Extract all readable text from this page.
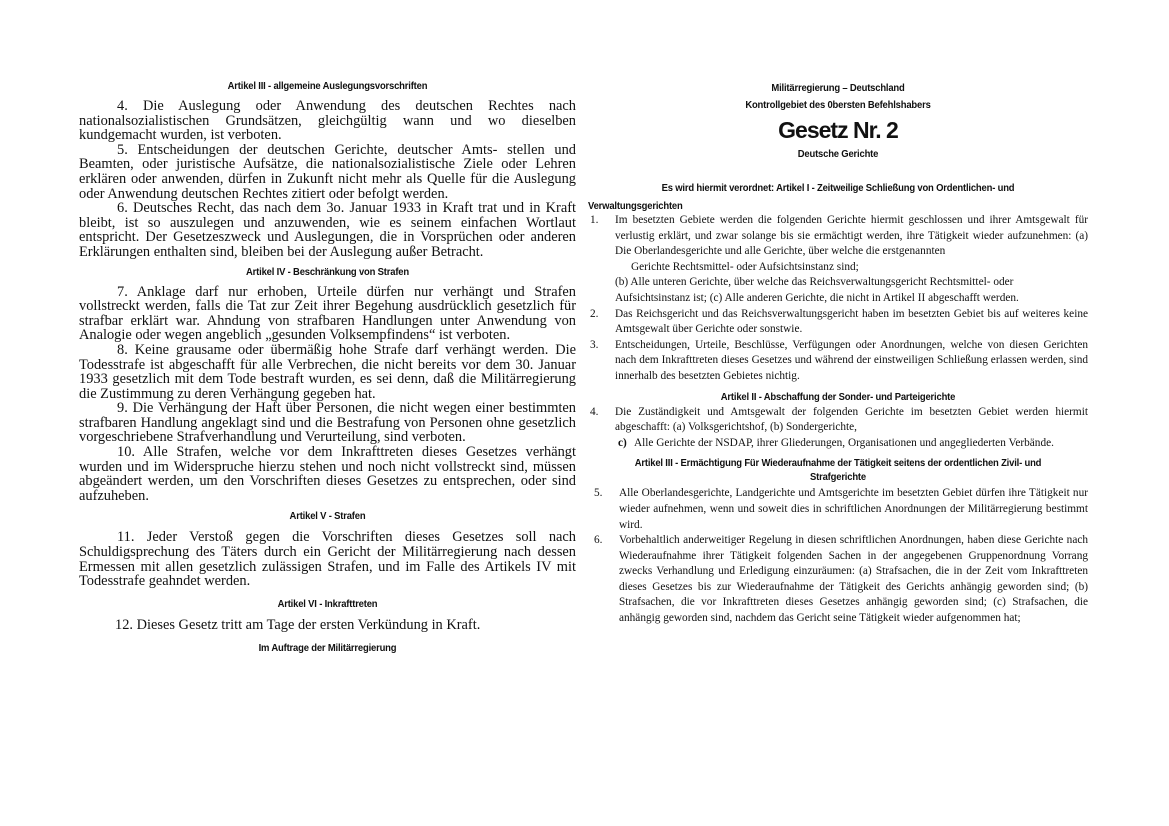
Artikel III - allgemeine Auslegungsvorschriften
4. Die Auslegung oder Anwendung des deutschen Rechtes nach nationalsozialistischen Grundsätzen, gleichgültig wann und wo dieselben kundgemacht wurden, ist verboten.
5. Entscheidungen der deutschen Gerichte, deutscher Amts- stellen und Beamten, oder juristische Aufsätze, die nationalsozialistische Ziele oder Lehren erklären oder anwenden, dürfen in Zukunft nicht mehr als Quelle für die Auslegung oder Anwendung deutschen Rechtes zitiert oder befolgt werden.
6. Deutsches Recht, das nach dem 3o. Januar 1933 in Kraft trat und in Kraft bleibt, ist so auszulegen und anzuwenden, wie es seinem einfachen Wortlaut entspricht. Der Gesetzeszweck und Auslegungen, die in Vorsprüchen oder anderen Erklärungen enthalten sind, bleiben bei der Auslegung außer Betracht.
Artikel IV - Beschränkung von Strafen
7. Anklage darf nur erhoben, Urteile dürfen nur verhängt und Strafen vollstreckt werden, falls die Tat zur Zeit ihrer Begehung ausdrücklich gesetzlich für strafbar erklärt war. Ahndung von strafbaren Handlungen unter Anwendung von Analogie oder wegen angeblich „gesunden Volksempfindens“ ist verboten.
8. Keine grausame oder übermäßig hohe Strafe darf verhängt werden. Die Todesstrafe ist abgeschafft für alle Verbrechen, die nicht bereits vor dem 30. Januar 1933 gesetzlich mit dem Tode bestraft wurden, es sei denn, daß die Militärregierung die Zustimmung zu deren Verhängung gegeben hat.
9. Die Verhängung der Haft über Personen, die nicht wegen einer bestimmten strafbaren Handlung angeklagt sind und die Bestrafung von Personen ohne gesetzlich vorgeschriebene Strafverhandlung und Verurteilung, sind verboten.
10. Alle Strafen, welche vor dem Inkrafttreten dieses Gesetzes verhängt wurden und im Widerspruche hierzu stehen und noch nicht vollstreckt sind, müssen abgeändert werden, um den Vorschriften dieses Gesetzes zu entsprechen, oder sind aufzuheben.
Artikel V - Strafen
11. Jeder Verstoß gegen die Vorschriften dieses Gesetzes soll nach Schuldigsprechung des Täters durch ein Gericht der Militärregierung nach dessen Ermessen mit allen gesetzlich zulässigen Strafen, und im Falle des Artikels IV mit Todesstrafe geahndet werden.
Artikel VI - Inkrafttreten
12. Dieses Gesetz tritt am Tage der ersten Verkündung in Kraft.
Im Auftrage der Militärregierung
Militärregierung – Deutschland
Kontrollgebiet des 0bersten Befehlshabers
Gesetz Nr. 2
Deutsche Gerichte
Es wird hiermit verordnet: Artikel I - Zeitweilige Schließung von Ordentlichen- und
Verwaltungsgerichten
1. Im besetzten Gebiete werden die folgenden Gerichte hiermit geschlossen und ihrer Amtsgewalt für verlustig erklärt, und zwar solange bis sie ermächtigt werden, ihre Tätigkeit wieder aufzunehmen: (a) Die Oberlandesgerichte und alle Gerichte, über welche die erstgenannten
Gerichte Rechtsmittel- oder Aufsichtsinstanz sind;
(b) Alle unteren Gerichte, über welche das Reichsverwaltungsgericht Rechtsmittel- oder Aufsichtsinstanz ist; (c) Alle anderen Gerichte, die nicht in Artikel II abgeschafft werden.
2. Das Reichsgericht und das Reichsverwaltungsgericht haben im besetzten Gebiet bis auf weiteres keine Amtsgewalt über Gerichte oder sonstwie.
3. Entscheidungen, Urteile, Beschlüsse, Verfügungen oder Anordnungen, welche von diesen Gerichten nach dem Inkrafttreten dieses Gesetzes und während der einstweiligen Schließung erlassen werden, sind innerhalb des besetzten Gebietes nichtig.
Artikel II - Abschaffung der Sonder- und Parteigerichte
4. Die Zuständigkeit und Amtsgewalt der folgenden Gerichte im besetzten Gebiet werden hiermit abgeschafft: (a) Volksgerichtshof, (b) Sondergerichte,
c) Alle Gerichte der NSDAP, ihrer Gliederungen, Organisationen und angegliederten Verbände.
Artikel III - Ermächtigung Für Wiederaufnahme der Tätigkeit seitens der ordentlichen Zivil- und
Strafgerichte
5. Alle Oberlandesgerichte, Landgerichte und Amtsgerichte im besetzten Gebiet dürfen ihre Tätigkeit nur wieder aufnehmen, wenn und soweit dies in schriftlichen Anordnungen der Militärregierung bestimmt wird.
6. Vorbehaltlich anderweitiger Regelung in diesen schriftlichen Anordnungen, haben diese Gerichte nach Wiederaufnahme ihrer Tätigkeit folgenden Sachen in der angegebenen Gruppenordnung Vorrang zwecks Verhandlung und Erledigung einzuräumen: (a) Strafsachen, die in der Zeit vom Inkrafttreten dieses Gesetzes bis zur Wiederaufnahme der Tätigkeit des Gerichts anhängig geworden sind; (b) Strafsachen, die vor Inkrafttreten dieses Gesetzes anhängig geworden sind; (c) Strafsachen, die anhängig geworden sind, nachdem das Gericht seine Tätigkeit wieder aufgenommen hat;
